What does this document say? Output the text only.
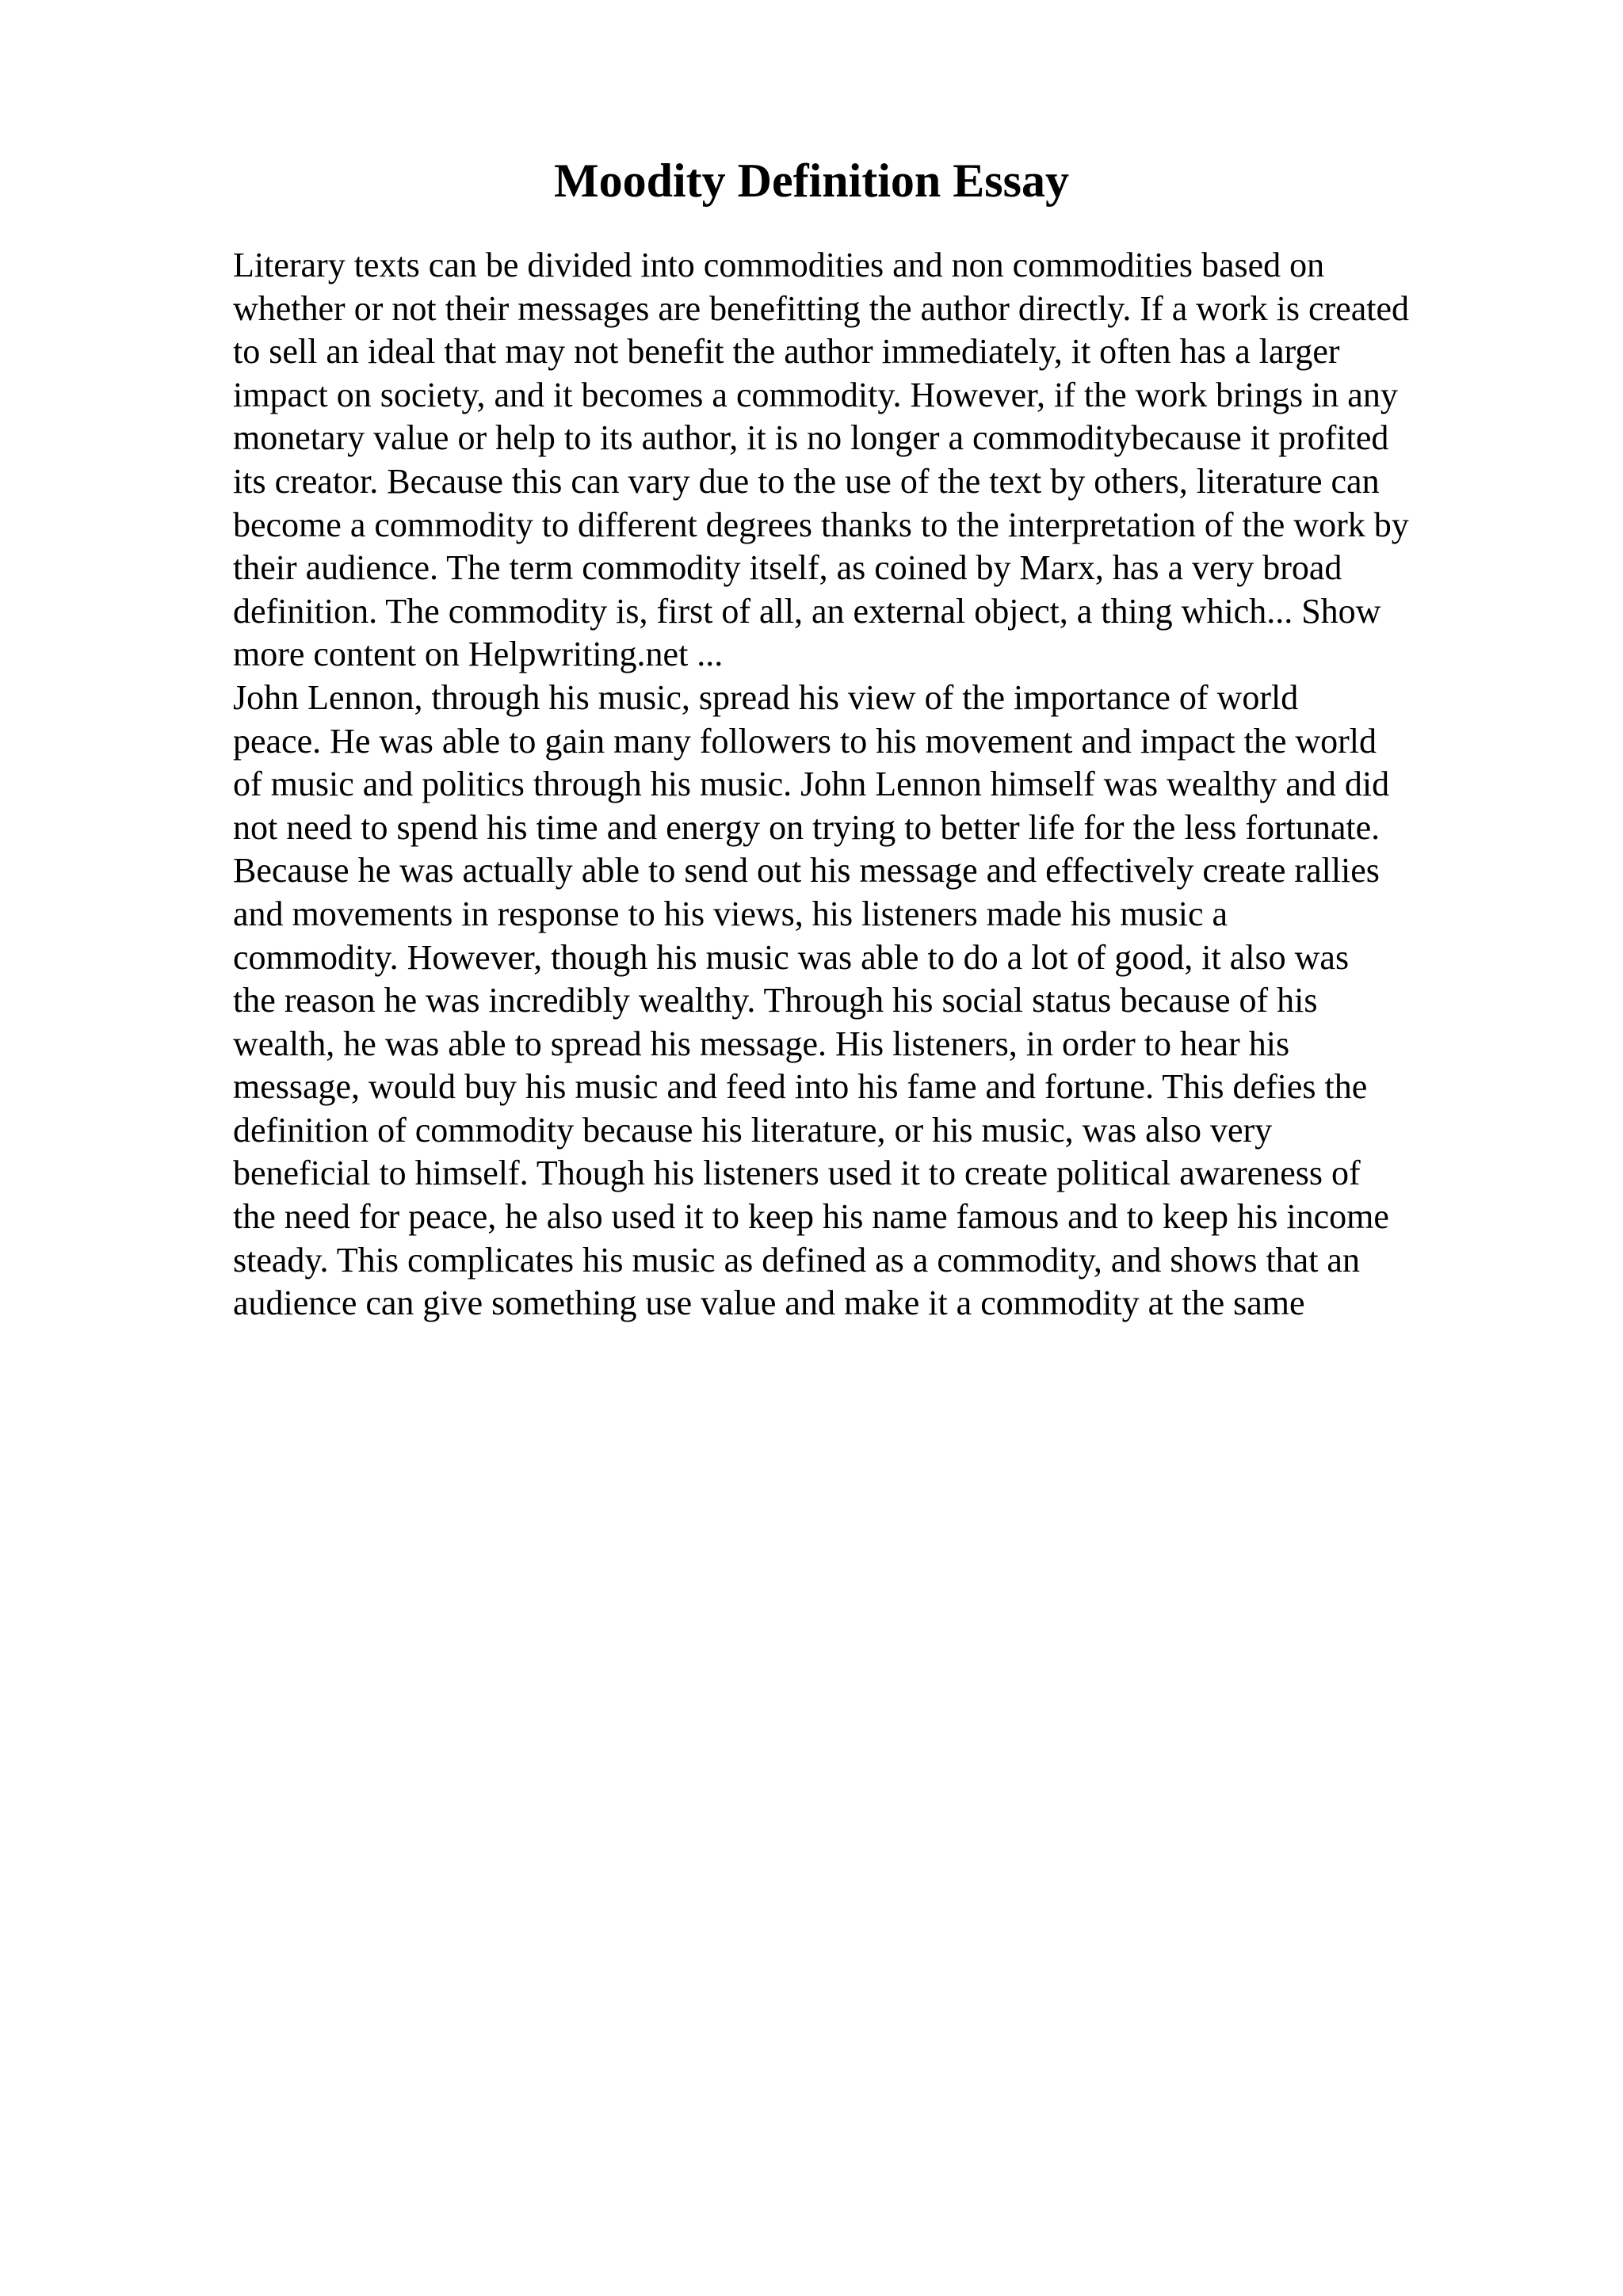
Moodity Definition Essay
Literary texts can be divided into commodities and non commodities based on
whether or not their messages are benefitting the author directly. If a work is created
to sell an ideal that may not benefit the author immediately, it often has a larger
impact on society, and it becomes a commodity. However, if the work brings in any
monetary value or help to its author, it is no longer a commoditybecause it profited
its creator. Because this can vary due to the use of the text by others, literature can
become a commodity to different degrees thanks to the interpretation of the work by
their audience. The term commodity itself, as coined by Marx, has a very broad
definition. The commodity is, first of all, an external object, a thing which... Show
more content on Helpwriting.net ...
John Lennon, through his music, spread his view of the importance of world
peace. He was able to gain many followers to his movement and impact the world
of music and politics through his music. John Lennon himself was wealthy and did
not need to spend his time and energy on trying to better life for the less fortunate.
Because he was actually able to send out his message and effectively create rallies
and movements in response to his views, his listeners made his music a
commodity. However, though his music was able to do a lot of good, it also was
the reason he was incredibly wealthy. Through his social status because of his
wealth, he was able to spread his message. His listeners, in order to hear his
message, would buy his music and feed into his fame and fortune. This defies the
definition of commodity because his literature, or his music, was also very
beneficial to himself. Though his listeners used it to create political awareness of
the need for peace, he also used it to keep his name famous and to keep his income
steady. This complicates his music as defined as a commodity, and shows that an
audience can give something use value and make it a commodity at the same
